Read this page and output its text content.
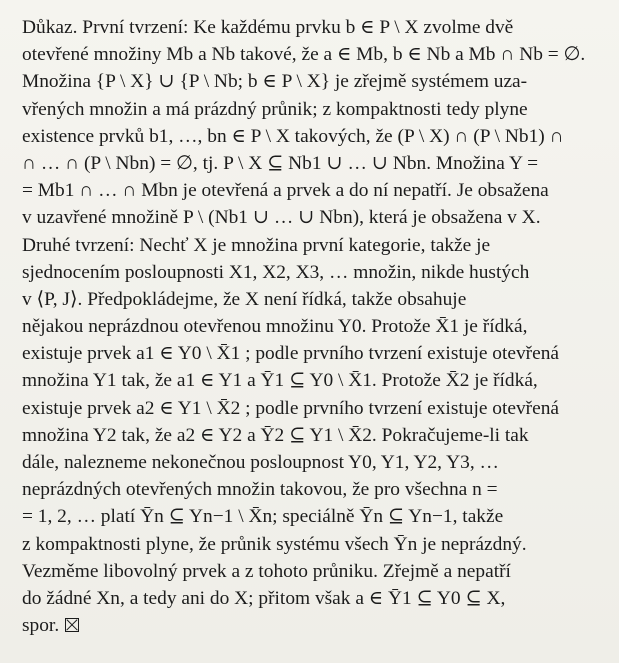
Důkaz. První tvrzení: Ke každému prvku b ∈ P \ X zvolme dvě
otevřené množiny Mb a Nb takové, že a ∈ Mb, b ∈ Nb a Mb ∩ Nb = ∅.
Množina {P \ X} ∪ {P \ Nb; b ∈ P \ X} je zřejmě systémem uza-
vřených množin a má prázdný průnik; z kompaktnosti tedy plyne
existence prvků b1, …, bn ∈ P \ X takových, že (P \ X) ∩ (P \ Nb1) ∩
∩ … ∩ (P \ Nbn) = ∅, tj. P \ X ⊆ Nb1 ∪ … ∪ Nbn. Množina Y =
= Mb1 ∩ … ∩ Mbn je otevřená a prvek a do ní nepatří. Je obsažena
v uzavřené množině P \ (Nb1 ∪ … ∪ Nbn), která je obsažena v X.
Druhé tvrzení: Nechť X je množina první kategorie, takže je
sjednocením posloupnosti X1, X2, X3, … množin, nikde hustých
v ⟨P, J⟩. Předpokládejme, že X není řídká, takže obsahuje
nějakou neprázdnou otevřenou množinu Y0. Protože X̄1 je řídká,
existuje prvek a1 ∈ Y0 \ X̄1 ; podle prvního tvrzení existuje otevřená
množina Y1 tak, že a1 ∈ Y1 a Ȳ1 ⊆ Y0 \ X̄1. Protože X̄2 je řídká,
existuje prvek a2 ∈ Y1 \ X̄2 ; podle prvního tvrzení existuje otevřená
množina Y2 tak, že a2 ∈ Y2 a Ȳ2 ⊆ Y1 \ X̄2. Pokračujeme-li tak
dále, nalezneme nekonečnou posloupnost Y0, Y1, Y2, Y3, …
neprázdných otevřených množin takovou, že pro všechna n =
= 1, 2, … platí Ȳn ⊆ Yn−1 \ X̄n; speciálně Ȳn ⊆ Yn−1, takže
z kompaktnosti plyne, že průnik systému všech Ȳn je neprázdný.
Vezměme libovolný prvek a z tohoto průniku. Zřejmě a nepatří
do žádné Xn, a tedy ani do X; přitom však a ∈ Ȳ1 ⊆ Y0 ⊆ X,
spor.
